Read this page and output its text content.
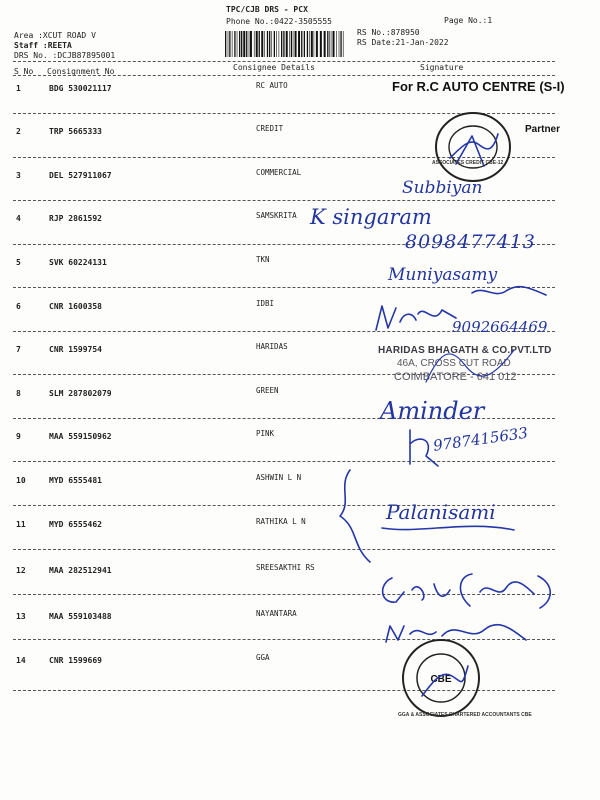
TPC/CJB DRS - PCX
Phone No.:0422-3505555	Page No.:1
RS No.:878950
RS Date:21-Jan-2022
Area :XCUT ROAD V
Staff :REETA
DRS No. :DCJB87895001
S No Consignment No	Consignee Details	Signature
1	BDG 530021117	RC AUTO
2	TRP 5665333	CREDIT
3	DEL 527911067	COMMERCIAL
4	RJP 2861592	SAMSKRITA
5	SVK 60224131	TKN
6	CNR 1600358	IDBI
7	CNR 1599754	HARIDAS
8	SLM 287802079	GREEN
9	MAA 559150962	PINK
10	MYD 6555481	ASHWIN L N
11	MYD 6555462	RATHIKA L N
12	MAA 282512941	SREESAKTHI RS
13	MAA 559103488	NAYANTARA
14	CNR 1599669	GGA
For R.C AUTO CENTRE (S-I)
ASSOCIATES CREDIT CBE-12
Partner
Subbiyan
K singaram
8098477413
Muniyasamy
9092664469
HARIDAS BHAGATH & CO.PVT.LTD
46A, CROSS CUT ROAD
COIMBATORE - 641 012
Aminder
9787415633
Palanisami
CBE
GGA & ASSOCIATES CHARTERED ACCOUNTANTS CBE
